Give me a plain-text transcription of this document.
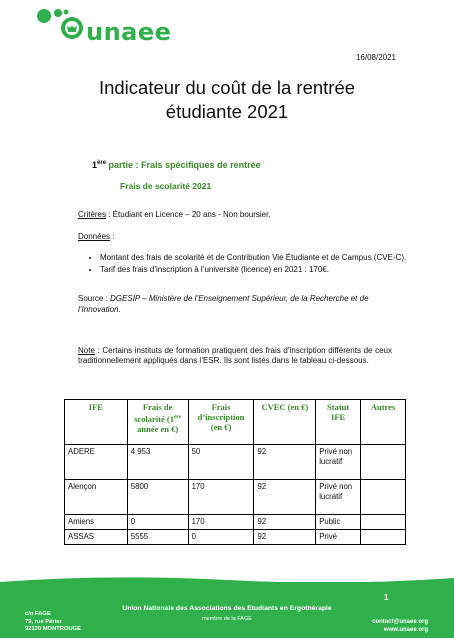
unaee
16/08/2021
Indicateur du coût de la rentrée
étudiante 2021
1ère partie : Frais spécifiques de rentrée
Frais de scolarité 2021
Critères : Étudiant en Licence – 20 ans - Non boursier.
Données :
• Montant des frais de scolarité et de Contribution Vie Étudiante et de Campus (CVE-C).
• Tarif des frais d’inscription à l’université (licence) en 2021 : 170€.
Source : DGESIP – Ministère de l’Enseignement Supérieur, de la Recherche et de l’Innovation.
Note : Certains instituts de formation pratiquent des frais d’inscription différents de ceux traditionnellement appliqués dans l’ESR. Ils sont listés dans le tableau ci-dessous.
IFE	Frais de scolarité (1ère année en €)	Frais d’inscription (en €)	CVEC (en €)	Statut IFE	Autres
ADERE	4 953	50	92	Privé non lucratif	
Alençon	5800	170	92	Privé non lucratif	
Amiens	0	170	92	Public	
ASSAS	5555	0	92	Privé	
1
c/o FAGE
79, rue Périer
92120 MONTROUGE
Union Nationale des Associations des Etudiants en Ergothérapie
membre de la FAGE	contact@unaee.org
www.unaee.org
